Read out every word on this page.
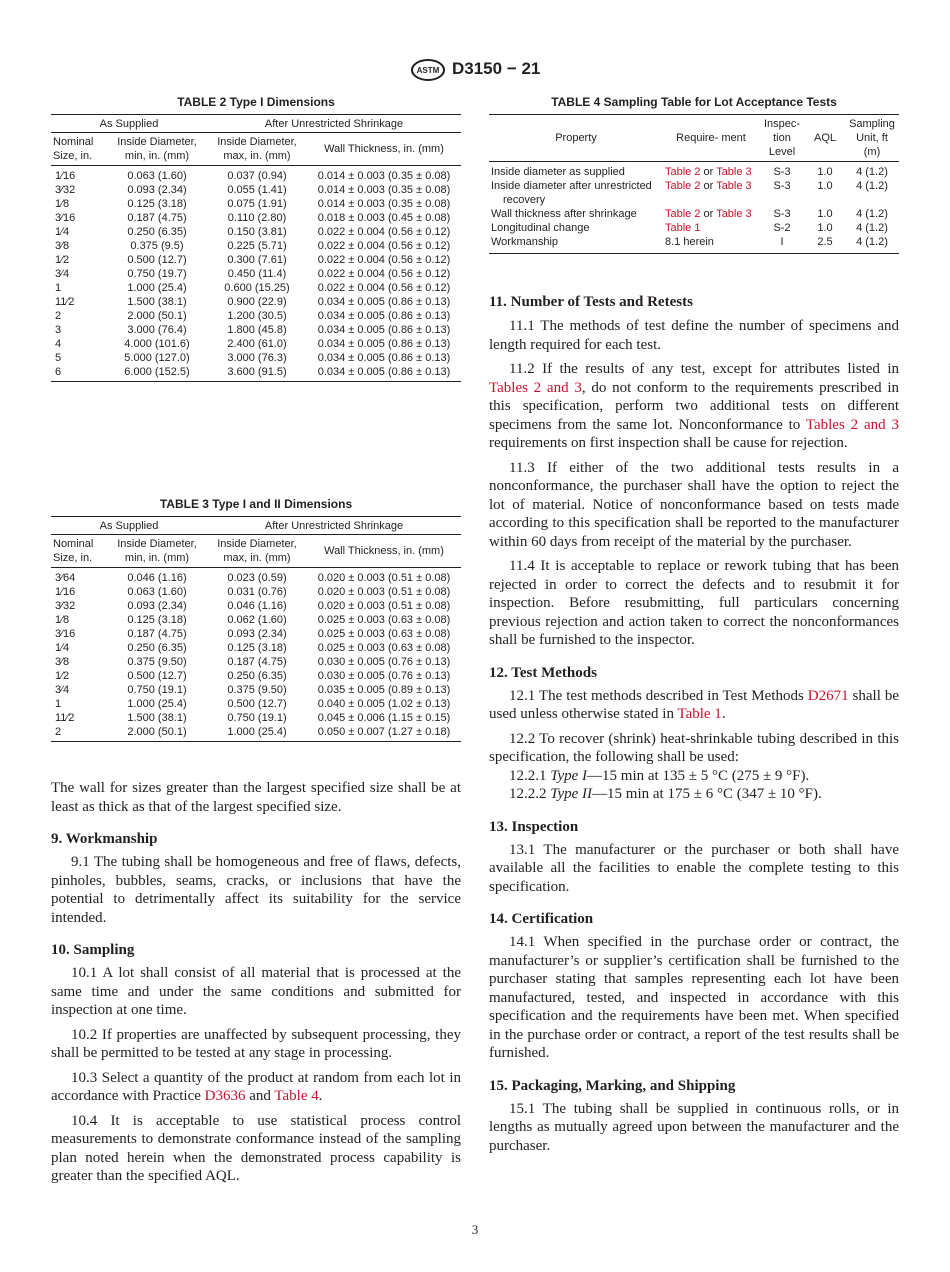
ASTM D3150 − 21
TABLE 2 Type I Dimensions
As Supplied		After Unrestricted Shrinkage	
Nominal Size, in.	Inside Diameter, min, in. (mm)	Inside Diameter, max, in. (mm)	Wall Thickness, in. (mm)
1⁄16	0.063 (1.60)	0.037 (0.94)	0.014 ± 0.003 (0.35 ± 0.08)
3⁄32	0.093 (2.34)	0.055 (1.41)	0.014 ± 0.003 (0.35 ± 0.08)
1⁄8	0.125 (3.18)	0.075 (1.91)	0.014 ± 0.003 (0.35 ± 0.08)
3⁄16	0.187 (4.75)	0.110 (2.80)	0.018 ± 0.003 (0.45 ± 0.08)
1⁄4	0.250 (6.35)	0.150 (3.81)	0.022 ± 0.004 (0.56 ± 0.12)
3⁄8	0.375 (9.5)	0.225 (5.71)	0.022 ± 0.004 (0.56 ± 0.12)
1⁄2	0.500 (12.7)	0.300 (7.61)	0.022 ± 0.004 (0.56 ± 0.12)
3⁄4	0.750 (19.7)	0.450 (11.4)	0.022 ± 0.004 (0.56 ± 0.12)
1	1.000 (25.4)	0.600 (15.25)	0.022 ± 0.004 (0.56 ± 0.12)
11⁄2	1.500 (38.1)	0.900 (22.9)	0.034 ± 0.005 (0.86 ± 0.13)
2	2.000 (50.1)	1.200 (30.5)	0.034 ± 0.005 (0.86 ± 0.13)
3	3.000 (76.4)	1.800 (45.8)	0.034 ± 0.005 (0.86 ± 0.13)
4	4.000 (101.6)	2.400 (61.0)	0.034 ± 0.005 (0.86 ± 0.13)
5	5.000 (127.0)	3.000 (76.3)	0.034 ± 0.005 (0.86 ± 0.13)
6	6.000 (152.5)	3.600 (91.5)	0.034 ± 0.005 (0.86 ± 0.13)
TABLE 3 Type I and II Dimensions
As Supplied		After Unrestricted Shrinkage	
Nominal Size, in.	Inside Diameter, min, in. (mm)	Inside Diameter, max, in. (mm)	Wall Thickness, in. (mm)
3⁄64	0.046 (1.16)	0.023 (0.59)	0.020 ± 0.003 (0.51 ± 0.08)
1⁄16	0.063 (1.60)	0.031 (0.76)	0.020 ± 0.003 (0.51 ± 0.08)
3⁄32	0.093 (2.34)	0.046 (1.16)	0.020 ± 0.003 (0.51 ± 0.08)
1⁄8	0.125 (3.18)	0.062 (1.60)	0.025 ± 0.003 (0.63 ± 0.08)
3⁄16	0.187 (4.75)	0.093 (2.34)	0.025 ± 0.003 (0.63 ± 0.08)
1⁄4	0.250 (6.35)	0.125 (3.18)	0.025 ± 0.003 (0.63 ± 0.08)
3⁄8	0.375 (9.50)	0.187 (4.75)	0.030 ± 0.005 (0.76 ± 0.13)
1⁄2	0.500 (12.7)	0.250 (6.35)	0.030 ± 0.005 (0.76 ± 0.13)
3⁄4	0.750 (19.1)	0.375 (9.50)	0.035 ± 0.005 (0.89 ± 0.13)
1	1.000 (25.4)	0.500 (12.7)	0.040 ± 0.005 (1.02 ± 0.13)
11⁄2	1.500 (38.1)	0.750 (19.1)	0.045 ± 0.006 (1.15 ± 0.15)
2	2.000 (50.1)	1.000 (25.4)	0.050 ± 0.007 (1.27 ± 0.18)
TABLE 4 Sampling Table for Lot Acceptance Tests
Property	Require- ment	Inspec- tion Level	AQL	Sampling Unit, ft (m)

Inside diameter as supplied	Table 2 or Table 3	S-3	1.0	4 (1.2)

Inside diameter after unrestricted
recovery	Table 2 or Table 3	S-3	1.0	4 (1.2)

Wall thickness after shrinkage	Table 2 or Table 3	S-3	1.0	4 (1.2)

Longitudinal change	Table 1	S-2	1.0	4 (1.2)

Workmanship	8.1 herein	I	2.5	4 (1.2)

The wall for sizes greater than the largest specified size shall be at least as thick as that of the largest specified size.

9. Workmanship

9.1 The tubing shall be homogeneous and free of flaws, defects, pinholes, bubbles, seams, cracks, or inclusions that have the potential to detrimentally affect its suitability for the service intended.

10. Sampling

10.1 A lot shall consist of all material that is processed at the same time and under the same conditions and submitted for inspection at one time.

10.2 If properties are unaffected by subsequent processing, they shall be permitted to be tested at any stage in processing.

10.3 Select a quantity of the product at random from each lot in accordance with Practice D3636 and Table 4.

10.4 It is acceptable to use statistical process control measurements to demonstrate conformance instead of the sampling plan noted herein when the demonstrated process capability is greater than the specified AQL.

11. Number of Tests and Retests

11.1 The methods of test define the number of specimens and length required for each test.

11.2 If the results of any test, except for attributes listed in Tables 2 and 3, do not conform to the requirements prescribed in this specification, perform two additional tests on different specimens from the same lot. Nonconformance to Tables 2 and 3 requirements on first inspection shall be cause for rejection.

11.3 If either of the two additional tests results in a nonconformance, the purchaser shall have the option to reject the lot of material. Notice of nonconformance based on tests made according to this specification shall be reported to the manufacturer within 60 days from receipt of the material by the purchaser.

11.4 It is acceptable to replace or rework tubing that has been rejected in order to correct the defects and to resubmit it for inspection. Before resubmitting, full particulars concerning previous rejection and action taken to correct the nonconformances shall be furnished to the inspector.

12. Test Methods

12.1 The test methods described in Test Methods D2671 shall be used unless otherwise stated in Table 1.

12.2 To recover (shrink) heat-shrinkable tubing described in this specification, the following shall be used:

12.2.1 Type I—15 min at 135 ± 5 °C (275 ± 9 °F).

12.2.2 Type II—15 min at 175 ± 6 °C (347 ± 10 °F).

13. Inspection

13.1 The manufacturer or the purchaser or both shall have available all the facilities to enable the complete testing to this specification.

14. Certification

14.1 When specified in the purchase order or contract, the manufacturer’s or supplier’s certification shall be furnished to the purchaser stating that samples representing each lot have been manufactured, tested, and inspected in accordance with this specification and the requirements have been met. When specified in the purchase order or contract, a report of the test results shall be furnished.

15. Packaging, Marking, and Shipping

15.1 The tubing shall be supplied in continuous rolls, or in lengths as mutually agreed upon between the manufacturer and the purchaser.

3
